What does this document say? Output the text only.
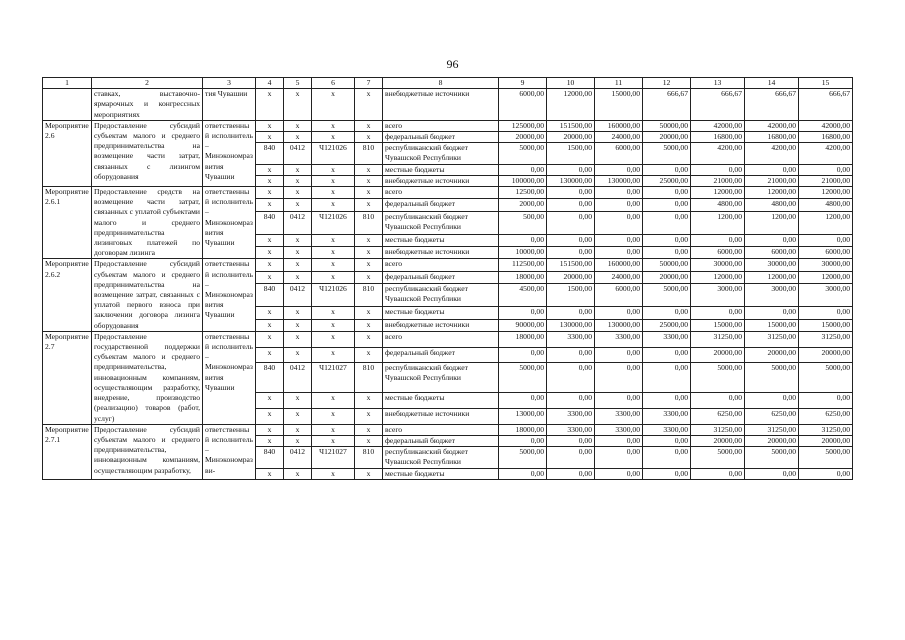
96
1	2	3	4	5	6	7	8	9	10	11	12	13	14	15
	ставках, выставочно-ярмарочных и конгрессных мероприятиях	тия Чувашии	x	x	x	x	внебюджетные источники	6000,00	12000,00	15000,00	666,67	666,67	666,67	666,67
Мероприятие 2.6	Предоставление субсидий субъектам малого и среднего предпринимательства на возмещение части затрат, связанных с лизингом оборудования	ответственный исполнитель – Минэкономразвития Чувашии	x	x	x	x	всего	125000,00	151500,00	160000,00	50000,00	42000,00	42000,00	42000,00
			x	x	x	x	федеральный бюджет	20000,00	20000,00	24000,00	20000,00	16800,00	16800,00	16800,00
			840	0412	Ч121026	810	республиканский бюджет Чувашской Республики	5000,00	1500,00	6000,00	5000,00	4200,00	4200,00	4200,00
			x	x	x	x	местные бюджеты	0,00	0,00	0,00	0,00	0,00	0,00	0,00
			x	x	x	x	внебюджетные источники	100000,00	130000,00	130000,00	25000,00	21000,00	21000,00	21000,00
Мероприятие 2.6.1	Предоставление средств на возмещение части затрат, связанных с уплатой субъектами малого и среднего предпринимательства лизинговых платежей по договорам лизинга	ответственный исполнитель – Минэкономразвития Чувашии	x	x	x	x	всего	12500,00	0,00	0,00	0,00	12000,00	12000,00	12000,00
			x	x	x	x	федеральный бюджет	2000,00	0,00	0,00	0,00	4800,00	4800,00	4800,00
			840	0412	Ч121026	810	республиканский бюджет Чувашской Республики	500,00	0,00	0,00	0,00	1200,00	1200,00	1200,00
			x	x	x	x	местные бюджеты	0,00	0,00	0,00	0,00	0,00	0,00	0,00
			x	x	x	x	внебюджетные источники	10000,00	0,00	0,00	0,00	6000,00	6000,00	6000,00
Мероприятие 2.6.2	Предоставление субсидий субъектам малого и среднего предпринимательства на возмещение затрат, связанных с уплатой первого взноса при заключении договора лизинга оборудования	ответственный исполнитель – Минэкономразвития Чувашии	x	x	x	x	всего	112500,00	151500,00	160000,00	50000,00	30000,00	30000,00	30000,00
			x	x	x	x	федеральный бюджет	18000,00	20000,00	24000,00	20000,00	12000,00	12000,00	12000,00
			840	0412	Ч121026	810	республиканский бюджет Чувашской Республики	4500,00	1500,00	6000,00	5000,00	3000,00	3000,00	3000,00
			x	x	x	x	местные бюджеты	0,00	0,00	0,00	0,00	0,00	0,00	0,00
			x	x	x	x	внебюджетные источники	90000,00	130000,00	130000,00	25000,00	15000,00	15000,00	15000,00
Мероприятие 2.7	Предоставление государственной поддержки субъектам малого и среднего предпринимательства, инновационным компаниям, осуществляющим разработку, внедрение, производство (реализацию) товаров (работ, услуг)	ответственный исполнитель – Минэкономразвития Чувашии	x	x	x	x	всего	18000,00	3300,00	3300,00	3300,00	31250,00	31250,00	31250,00
			x	x	x	x	федеральный бюджет	0,00	0,00	0,00	0,00	20000,00	20000,00	20000,00
			840	0412	Ч121027	810	республиканский бюджет Чувашской Республики	5000,00	0,00	0,00	0,00	5000,00	5000,00	5000,00
			x	x	x	x	местные бюджеты	0,00	0,00	0,00	0,00	0,00	0,00	0,00
			x	x	x	x	внебюджетные источники	13000,00	3300,00	3300,00	3300,00	6250,00	6250,00	6250,00
Мероприятие 2.7.1	Предоставление субсидий субъектам малого и среднего предпринимательства, инновационным компаниям, осуществляющим разработку,	ответственный исполнитель – Минэкономразви-	x	x	x	x	всего	18000,00	3300,00	3300,00	3300,00	31250,00	31250,00	31250,00
			x	x	x	x	федеральный бюджет	0,00	0,00	0,00	0,00	20000,00	20000,00	20000,00
			840	0412	Ч121027	810	республиканский бюджет Чувашской Республики	5000,00	0,00	0,00	0,00	5000,00	5000,00	5000,00
			x	x	x	x	местные бюджеты	0,00	0,00	0,00	0,00	0,00	0,00	0,00
